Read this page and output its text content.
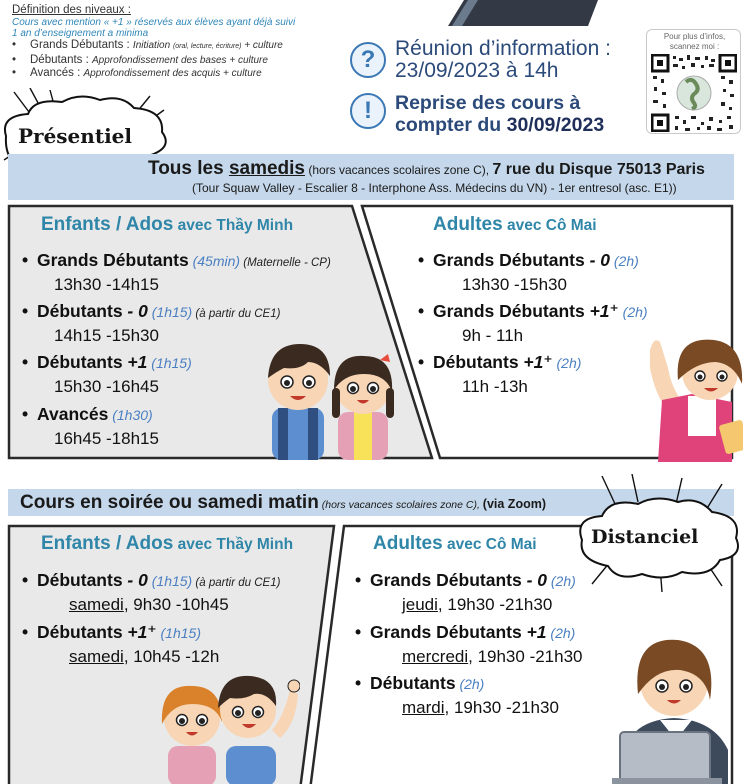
Définition des niveaux :
Cours avec mention « +1 » réservés aux élèves ayant déjà suivi
1 an d’enseignement a minima
• Grands Débutants : Initiation (oral, lecture, écriture) + culture
• Débutants : Approfondissement des bases + culture
• Avancés : Approfondissement des acquis + culture
? Réunion d’information :
23/09/2023 à 14h
!	Reprise des cours à
compter du 30/09/2023
Pour plus d’infos,
scannez moi :
Présentiel
Tous les samedis (hors vacances scolaires zone C), 7 rue du Disque 75013 Paris
(Tour Squaw Valley - Escalier 8 - Interphone Ass. Médecins du VN) - 1er entresol (asc. E1))
Enfants / Ados avec Thầy Minh	Adultes avec Cô Mai
• Grands Débutants (45min) (Maternelle - CP)
13h30 -14h15
• Débutants - 0 (1h15) (à partir du CE1)
14h15 -15h30
• Débutants +1 (1h15)
15h30 -16h45
• Avancés (1h30)
16h45 -18h15
• Grands Débutants - 0 (2h)
13h30 -15h30
• Grands Débutants +1⁺ (2h)
9h - 11h
• Débutants +1⁺ (2h)
11h -13h
Cours en soirée ou samedi matin (hors vacances scolaires zone C), (via Zoom)
Distanciel
Enfants / Ados avec Thầy Minh	Adultes avec Cô Mai
• Débutants - 0 (1h15) (à partir du CE1)
samedi, 9h30 -10h45
• Débutants +1⁺ (1h15)
samedi, 10h45 -12h
• Grands Débutants - 0 (2h)
jeudi, 19h30 -21h30
• Grands Débutants +1 (2h)
mercredi, 19h30 -21h30
• Débutants (2h)
mardi, 19h30 -21h30
